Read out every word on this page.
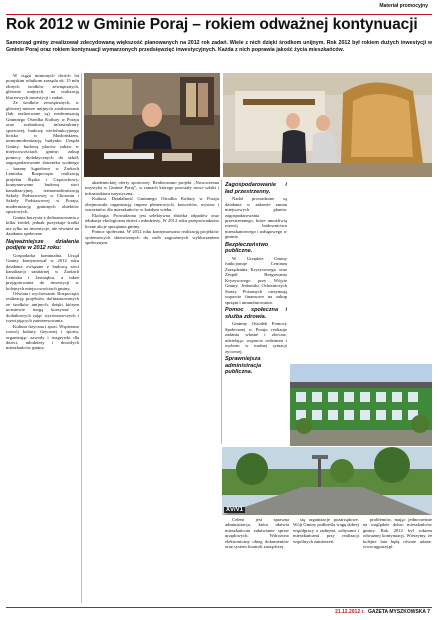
Materiał promocyjny
Rok 2012 w Gminie Poraj – rokiem odważnej kontynuacji
Samorząd gminy zrealizował zdecydowaną większość planowanych na 2012 rok zadań. Wiele z nich dzięki środkom unijnym. Rok 2012 był rokiem dużych inwestycji w Gminie Poraj oraz rokiem kontynuacji wymarzonych przedsięwzięć inwestycyjnych. Każda z nich poprawia jakość życia mieszkańców.
XV/V1

W ciągu minionych dwóch lat porajskim rolnikom zarządu ok. 15 mln złotych środków zewnętrznych, głównie unijnych, na realizację kluczowych inwestycji i zadań.

Ze środków zewnętrznych, w głównej mierze unijnych zrealizowano (lub realizowane są) modernizację Gminnego Ośrodka Kultury w Poraju oraz rozbudowę infrastruktury sportowej, budowę wielofunkcyjnego boiska w Masłońskiem, termomodernizację budynku Urzędu Gminy, budowę placów zabaw w miejscowościach gminy; zakup pomocy dydaktycznych do szkół; zagospodarowanie zbiornika wodnego – baseny kąpielowe w Żarkach Letnisku. Rozpoczęto realizację projektu Śląska i Częstochowy, kontynuowano budowę sieci kanalizacyjnej, termomodernizację Szkoły Podstawowej w Choroniu i Szkoły Podstawowej w Poraju, modernizację gminnych obiektów sportowych.

Gmina korzysta z dofinansowania z kilku źródeł, jednak pozyskuje środki nie tylko na inwestycje, ale również na działania społeczne.

Najważniejsze działania podjęte w 2012 roku:

Gospodarka komunalna. Urząd Gminy kontynuował w 2012 roku działania związane z budową sieci kanalizacji sanitarnej w Żarkach Letnisku i Jastrzębiu, a także przygotowania do inwestycji w kolejnych miejscowościach gminy.

Oświata i wychowanie. Rozpoczęto realizację projektów dofinansowanych ze środków unijnych, dzięki którym uczniowie mogą korzystać z dodatkowych zajęć wyrównawczych i rozwijających zainteresowania.

Kultura fizyczna i sport. Wspierano rozwój kultury fizycznej i sportu, organizując zawody i rozgrywki dla dzieci, młodzieży i dorosłych mieszkańców gminy.

akademickiej oferty sportowej. Realizowano projekt „Nowoczesna turystyka w Gminie Poraj”, w ramach którego powstały nowe szlaki i infrastruktura turystyczna.

Kultura. Działalność Gminnego Ośrodka Kultury w Poraju obejmowała organizację imprez plenerowych, koncertów, wystaw i warsztatów dla mieszkańców w każdym wieku.

Ekologia. Prowadzona jest selektywna zbiórka odpadów oraz edukacja ekologiczna dzieci i młodzieży. W 2012 roku przeprowadzono liczne akcje sprzątania gminy.

Pomoc społeczna. W 2012 roku kontynuowano realizację projektów systemowych skierowanych do osób zagrożonych wykluczeniem społecznym.

Zagospodarowanie i ład przestrzenny.

Nadal prowadzone są działania w zakresie zmian miejscowych planów zagospodarowania przestrzennego, które umożliwią rozwój budownictwa mieszkaniowego i usługowego w gminie.

Bezpieczeństwo publiczne.

W Urzędzie Gminy funkcjonuje Centrum Zarządzania Kryzysowego oraz Zespół Reagowania Kryzysowego przy Wójcie Gminy. Jednostki Ochotniczych Straży Pożarnych otrzymują wsparcie finansowe na zakup sprzętu i umundurowania.

Pomoc społeczna i służba zdrowia.

Gminny Ośrodek Pomocy Społecznej w Poraju realizuje zadania własne i zlecone, udzielając wsparcia rodzinom i osobom w trudnej sytuacji życiowej.

Sprawniejsza administracja publiczna.

Celem jest sprawna administracja, która ułatwia mieszkańcom załatwianie spraw urzędowych. Wdrożono elektroniczny obieg dokumentów oraz system kontroli zarządczej.

się organizacje pozarządowe. Wójt Gminy podkreśla wagę dobrej współpracy z radnymi, sołtysami i mieszkańcami przy realizacji wspólnych zamierzeń.

problemów, mając jednocześnie na względzie dobro mieszkańców gminy. Rok 2012 był rokiem odważnej kontynuacji. Wierzymy, że kolejne lata będą równie udane. www.ugporaj.pl

21.12.2012 r. GAZETA MYSZKOWSKA 7
